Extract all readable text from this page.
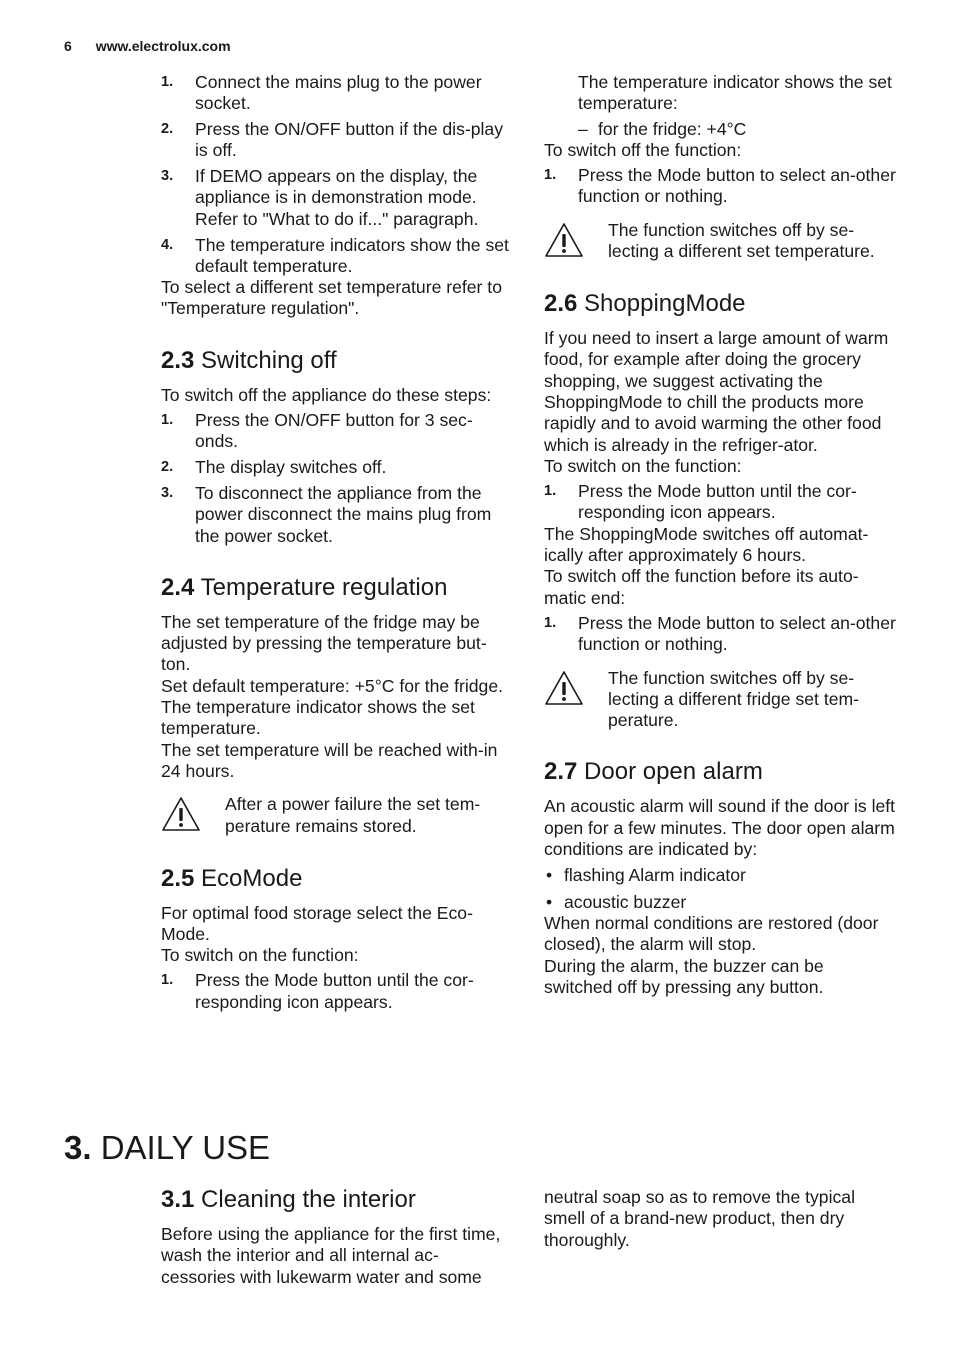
6 www.electrolux.com
1.	Connect the mains plug to the power socket.
2.	Press the ON/OFF button if the dis-play is off.
3.	If DEMO appears on the display, the appliance is in demonstration mode. Refer to "What to do if..." paragraph.
4.	The temperature indicators show the set default temperature.

To select a different set temperature refer to "Temperature regulation".

2.3 Switching off

To switch off the appliance do these steps:

1.	Press the ON/OFF button for 3 sec-onds.
2.	The display switches off.
3.	To disconnect the appliance from the power disconnect the mains plug from the power socket.
2.4 Temperature regulation

The set temperature of the fridge may be adjusted by pressing the temperature but-ton.

Set default temperature: +5°C for the fridge.

The temperature indicator shows the set temperature.

The set temperature will be reached with-in 24 hours.

After a power failure the set tem-perature remains stored.
2.5 EcoMode

For optimal food storage select the Eco-Mode.

To switch on the function:

1.	Press the Mode button until the cor-responding icon appears.

The temperature indicator shows the set temperature:

– for the fridge: +4°C

To switch off the function:

1.	Press the Mode button to select an-other function or nothing.
The function switches off by se-lecting a different set temperature.
2.6 ShoppingMode

If you need to insert a large amount of warm food, for example after doing the grocery shopping, we suggest activating the ShoppingMode to chill the products more rapidly and to avoid warming the other food which is already in the refriger-ator.

To switch on the function:

1.	Press the Mode button until the cor-responding icon appears.

The ShoppingMode switches off automat-ically after approximately 6 hours.

To switch off the function before its auto-matic end:

1.	Press the Mode button to select an-other function or nothing.
The function switches off by se-lecting a different fridge set tem-perature.
2.7 Door open alarm

An acoustic alarm will sound if the door is left open for a few minutes. The door open alarm conditions are indicated by:

• flashing Alarm indicator
• acoustic buzzer

When normal conditions are restored (door closed), the alarm will stop.

During the alarm, the buzzer can be switched off by pressing any button.

3. DAILY USE
3.1 Cleaning the interior

Before using the appliance for the first time, wash the interior and all internal ac-cessories with lukewarm water and some

neutral soap so as to remove the typical smell of a brand-new product, then dry thoroughly.
